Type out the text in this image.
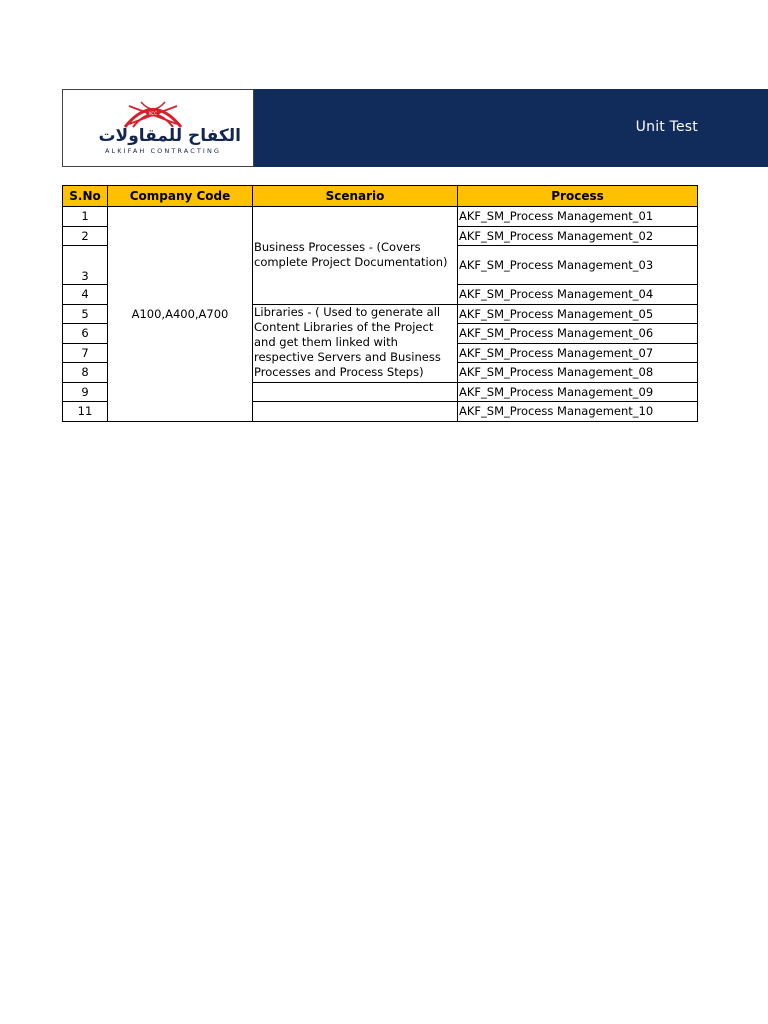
KCC
الكفاح للمقاولات
ALKIFAH CONTRACTING
Unit Test
S.No	Company Code	Scenario	Process
1	A100,A400,A700	Business Processes - (Covers complete Project Documentation)	AKF_SM_Process Management_01
2			AKF_SM_Process Management_02
3			AKF_SM_Process Management_03
4			AKF_SM_Process Management_04
5		Libraries - ( Used to generate all Content Libraries of the Project and get them linked with respective Servers and Business Processes and Process Steps)	AKF_SM_Process Management_05
6			AKF_SM_Process Management_06
7			AKF_SM_Process Management_07
8			AKF_SM_Process Management_08
9			AKF_SM_Process Management_09
11			AKF_SM_Process Management_10
